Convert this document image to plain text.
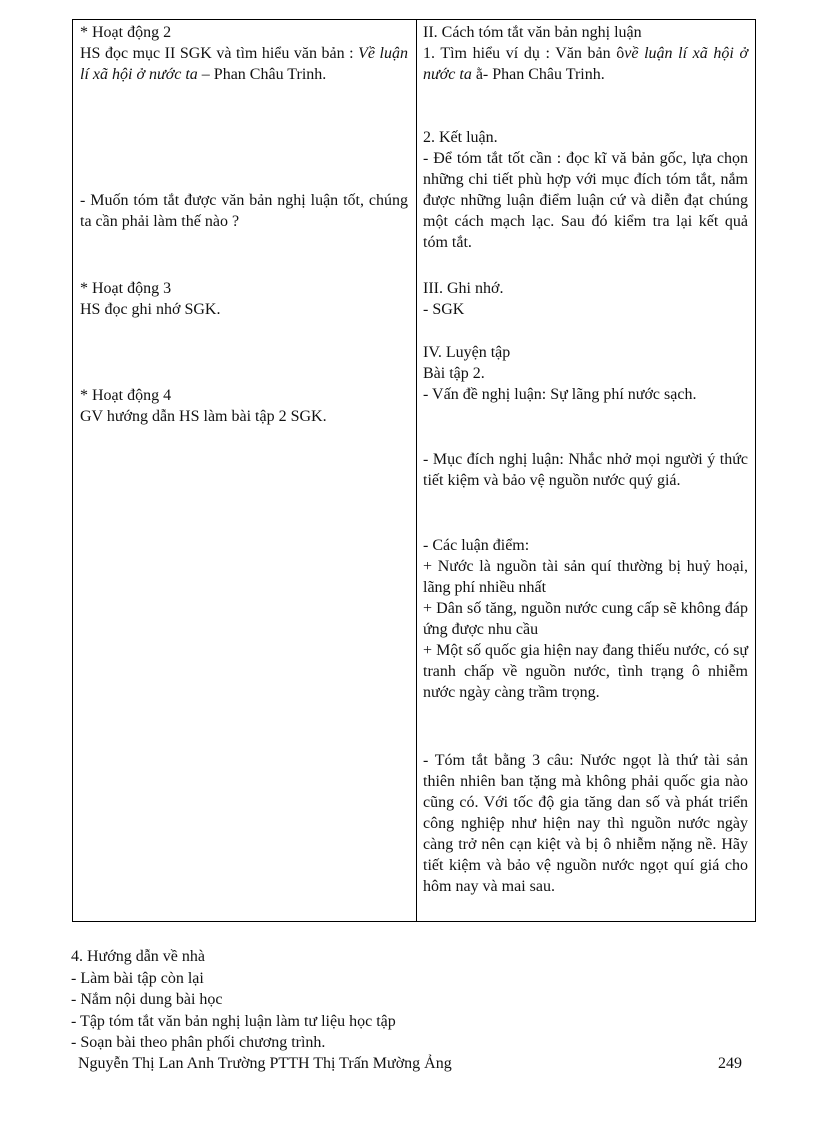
* Hoạt động 2
HS đọc mục II SGK và tìm hiểu văn bản : Về luận lí xã hội ở nước ta – Phan Châu Trinh.
- Muốn tóm tắt được văn bản nghị luận tốt, chúng ta cần phải làm thế nào ?
* Hoạt động 3
HS đọc ghi nhớ SGK.
* Hoạt động 4
GV hướng dẫn HS làm bài tập 2 SGK.
II. Cách tóm tắt văn bản nghị luận
1. Tìm hiểu ví dụ : Văn bản ôvề luận lí xã hội ở nước ta ằ- Phan Châu Trinh.
2. Kết luận.
- Để tóm tắt tốt cần : đọc kĩ vă bản gốc, lựa chọn những chi tiết phù hợp với mục đích tóm tắt, nắm được những luận điểm luận cứ và diễn đạt chúng một cách mạch lạc. Sau đó kiểm tra lại kết quả tóm tắt.
III. Ghi nhớ.
- SGK
IV. Luyện tập
Bài tập 2.
- Vấn đề nghị luận: Sự lãng phí nước sạch.
- Mục đích nghị luận: Nhắc nhở mọi người ý thức tiết kiệm và bảo vệ nguồn nước quý giá.
- Các luận điểm:
+ Nước là nguồn tài sản quí thường bị huỷ hoại, lãng phí nhiều nhất
+ Dân số tăng, nguồn nước cung cấp sẽ không đáp ứng được nhu cầu
+ Một số quốc gia hiện nay đang thiếu nước, có sự tranh chấp về nguồn nước, tình trạng ô nhiễm nước ngày càng trầm trọng.
- Tóm tắt bằng 3 câu: Nước ngọt là thứ tài sản thiên nhiên ban tặng mà không phải quốc gia nào cũng có. Với tốc độ gia tăng dan số và phát triển công nghiệp như hiện nay thì nguồn nước ngày càng trở nên cạn kiệt và bị ô nhiễm nặng nề. Hãy tiết kiệm và bảo vệ nguồn nước ngọt quí giá cho hôm nay và mai sau.
4. Hướng dẫn về nhà
- Làm bài tập còn lại
- Nắm nội dung bài học
- Tập tóm tắt văn bản nghị luận làm tư liệu học tập
- Soạn bài theo phân phối chương trình.
Nguyễn Thị Lan Anh Trường PTTH Thị Trấn Mường Ảng	249
